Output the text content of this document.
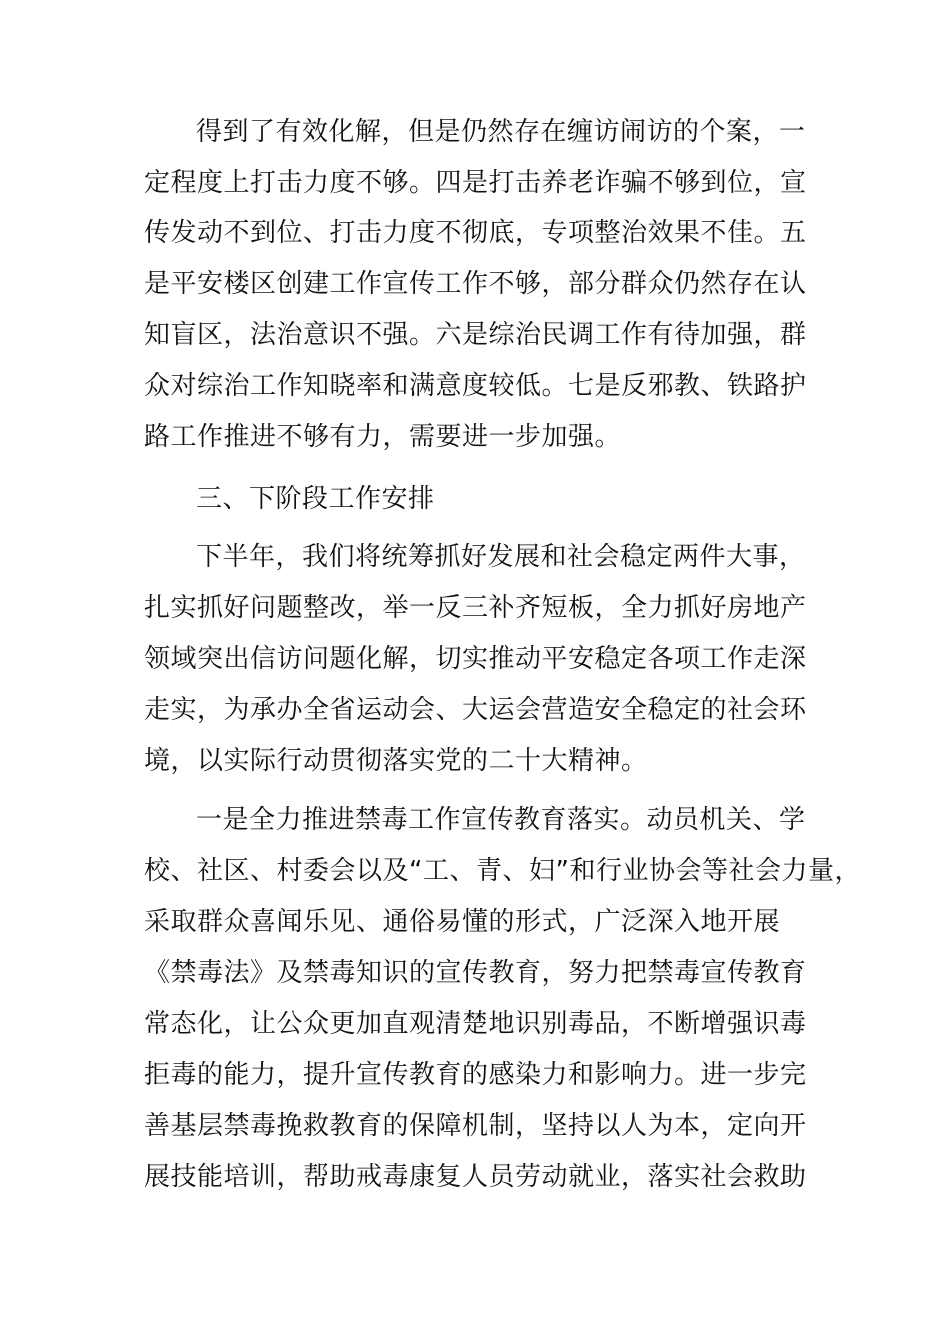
得到了有效化解，但是仍然存在缠访闹访的个案，一
定程度上打击力度不够。四是打击养老诈骗不够到位，宣
传发动不到位、打击力度不彻底，专项整治效果不佳。五
是平安楼区创建工作宣传工作不够，部分群众仍然存在认
知盲区，法治意识不强。六是综治民调工作有待加强，群
众对综治工作知晓率和满意度较低。七是反邪教、铁路护
路工作推进不够有力，需要进一步加强。
三、下阶段工作安排
下半年，我们将统筹抓好发展和社会稳定两件大事，
扎实抓好问题整改，举一反三补齐短板，全力抓好房地产
领域突出信访问题化解，切实推动平安稳定各项工作走深
走实，为承办全省运动会、大运会营造安全稳定的社会环
境，以实际行动贯彻落实党的二十大精神。
一是全力推进禁毒工作宣传教育落实。动员机关、学
校、社区、村委会以及“工、青、妇”和行业协会等社会力量，
采取群众喜闻乐见、通俗易懂的形式，广泛深入地开展
《禁毒法》及禁毒知识的宣传教育，努力把禁毒宣传教育
常态化，让公众更加直观清楚地识别毒品，不断增强识毒
拒毒的能力，提升宣传教育的感染力和影响力。进一步完
善基层禁毒挽救教育的保障机制，坚持以人为本，定向开
展技能培训，帮助戒毒康复人员劳动就业，落实社会救助
